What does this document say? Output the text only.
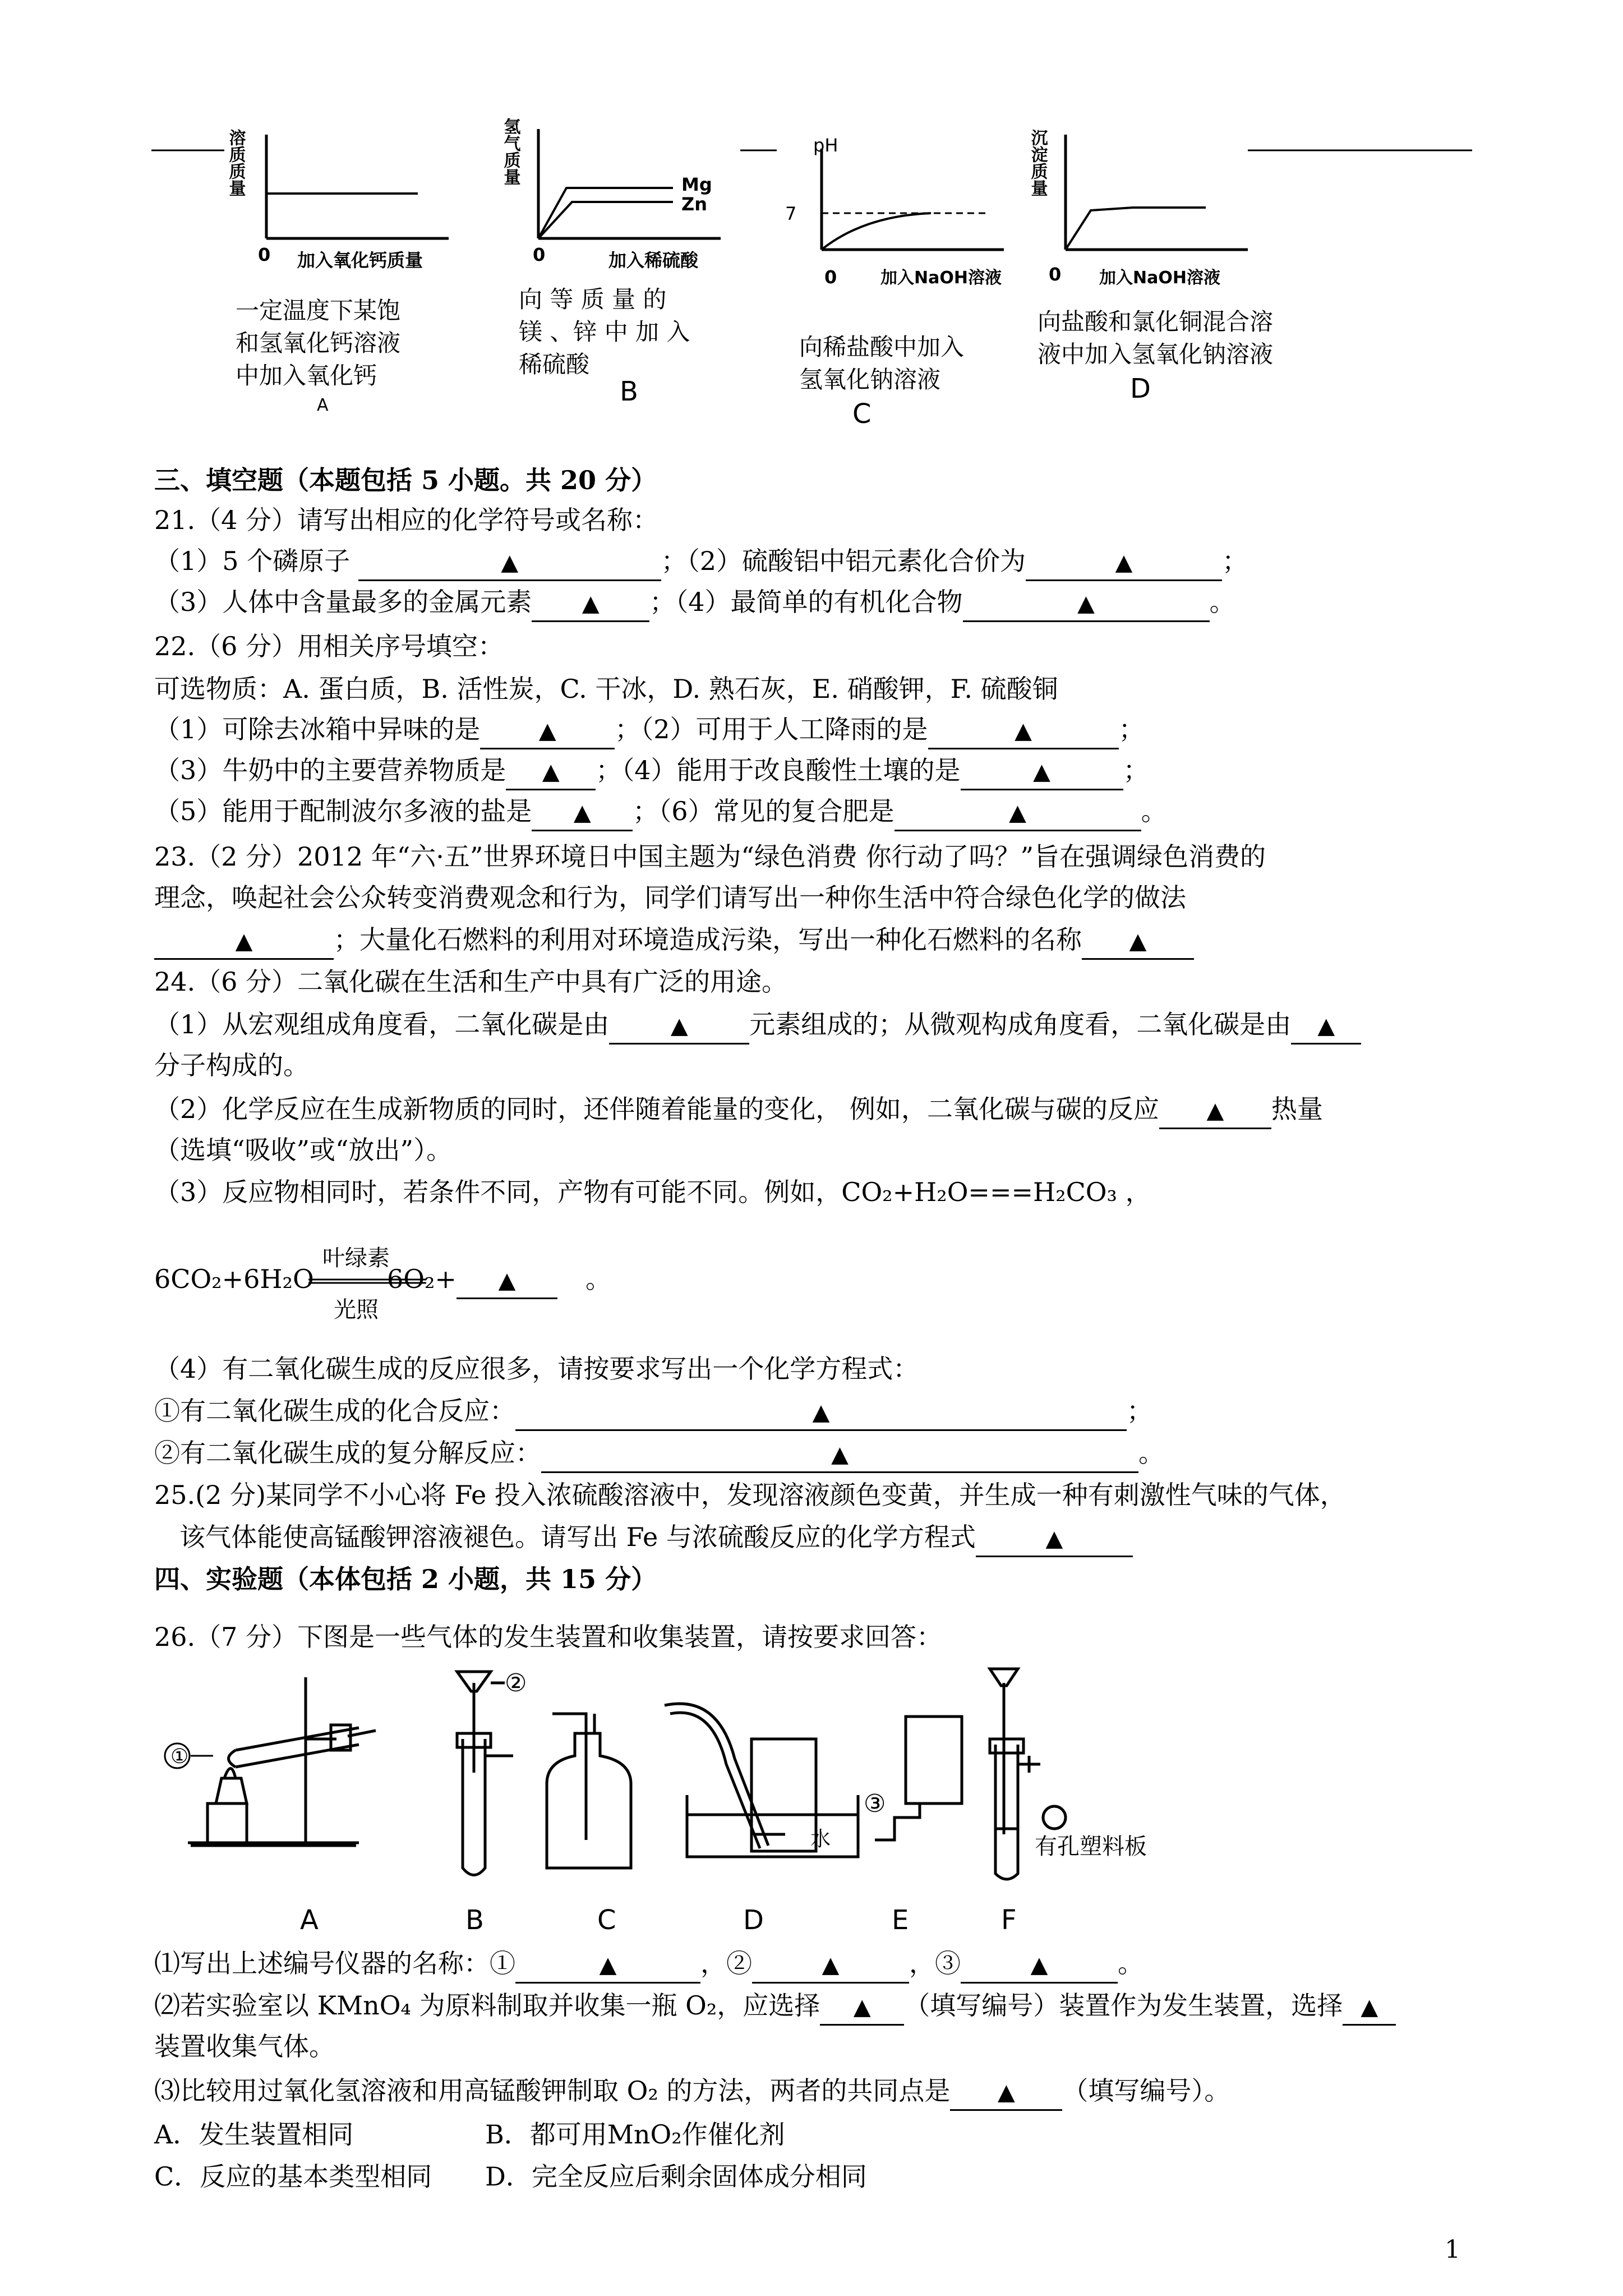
溶质质量
0 加入氧化钙质量
氢气质量	Mg
Zn
0	加入稀硫酸
pH
7
0	加入NaOH溶液
沉淀质量
0 加入NaOH溶液
一定温度下某饱
和氢氧化钙溶液
中加入氧化钙
A
向 等 质 量 的
镁 、锌 中 加 入
稀硫酸
B
向稀盐酸中加入
氢氧化钠溶液
C
向盐酸和氯化铜混合溶
液中加入氢氧化钠溶液
D
三、填空题（本题包括 5 小题。共 20 分）
21.（4 分）请写出相应的化学符号或名称：
（1）5 个磷原子	▲	；（2）硫酸铝中铝元素化合价为	▲	；
（3）人体中含量最多的金属元素 ▲ ；（4）最简单的有机化合物	▲	。
22.（6 分）用相关序号填空：
可选物质：A. 蛋白质，B. 活性炭，C. 干冰，D. 熟石灰，E. 硝酸钾，F. 硫酸铜
（1）可除去冰箱中异味的是	▲ ；（2）可用于人工降雨的是	▲	；
（3）牛奶中的主要营养物质是 ▲ ；（4）能用于改良酸性土壤的是	▲	；
（5）能用于配制波尔多液的盐是 ▲ ；（6）常见的复合肥是	▲	。
23.（2 分）2012 年“六·五”世界环境日中国主题为“绿色消费 你行动了吗？”旨在强调绿色消费的
理念，唤起社会公众转变消费观念和行为，同学们请写出一种你生活中符合绿色化学的做法
▲	；大量化石燃料的利用对环境造成污染，写出一种化石燃料的名称 ▲
24.（6 分）二氧化碳在生活和生产中具有广泛的用途。
（1）从宏观组成角度看，二氧化碳是由	▲ 元素组成的；从微观构成角度看，二氧化碳是由 ▲
分子构成的。
（2）化学反应在生成新物质的同时，还伴随着能量的变化， 例如，二氧化碳与碳的反应 ▲ 热量
（选填“吸收”或“放出”）。
（3）反应物相同时，若条件不同，产物有可能不同。例如，CO₂+H₂O===H₂CO₃ ，
6CO₂+6H₂O
叶绿素
光照
6O₂+ ▲	。
（4）有二氧化碳生成的反应很多，请按要求写出一个化学方程式：
①有二氧化碳生成的化合反应：	▲	；
②有二氧化碳生成的复分解反应：	▲	。
25.(2 分)某同学不小心将 Fe 投入浓硫酸溶液中，发现溶液颜色变黄，并生成一种有刺激性气味的气体，
该气体能使高锰酸钾溶液褪色。请写出 Fe 与浓硫酸反应的化学方程式	▲
四、实验题（本体包括 2 小题，共 15 分）
26.（7 分）下图是一些气体的发生装置和收集装置，请按要求回答：
①
②
③
水	有孔塑料板
A	B	C	D	E	F
⑴写出上述编号仪器的名称：①	▲	，②	▲	，③	▲	。
⑵若实验室以 KMnO₄ 为原料制取并收集一瓶 O₂，应选择 ▲ （填写编号）装置作为发生装置，选择 ▲
装置收集气体。
⑶比较用过氧化氢溶液和用高锰酸钾制取 O₂ 的方法，两者的共同点是 ▲ （填写编号）。
A．发生装置相同	B．都可用MnO₂作催化剂
C．反应的基本类型相同 D．完全反应后剩余固体成分相同
1
